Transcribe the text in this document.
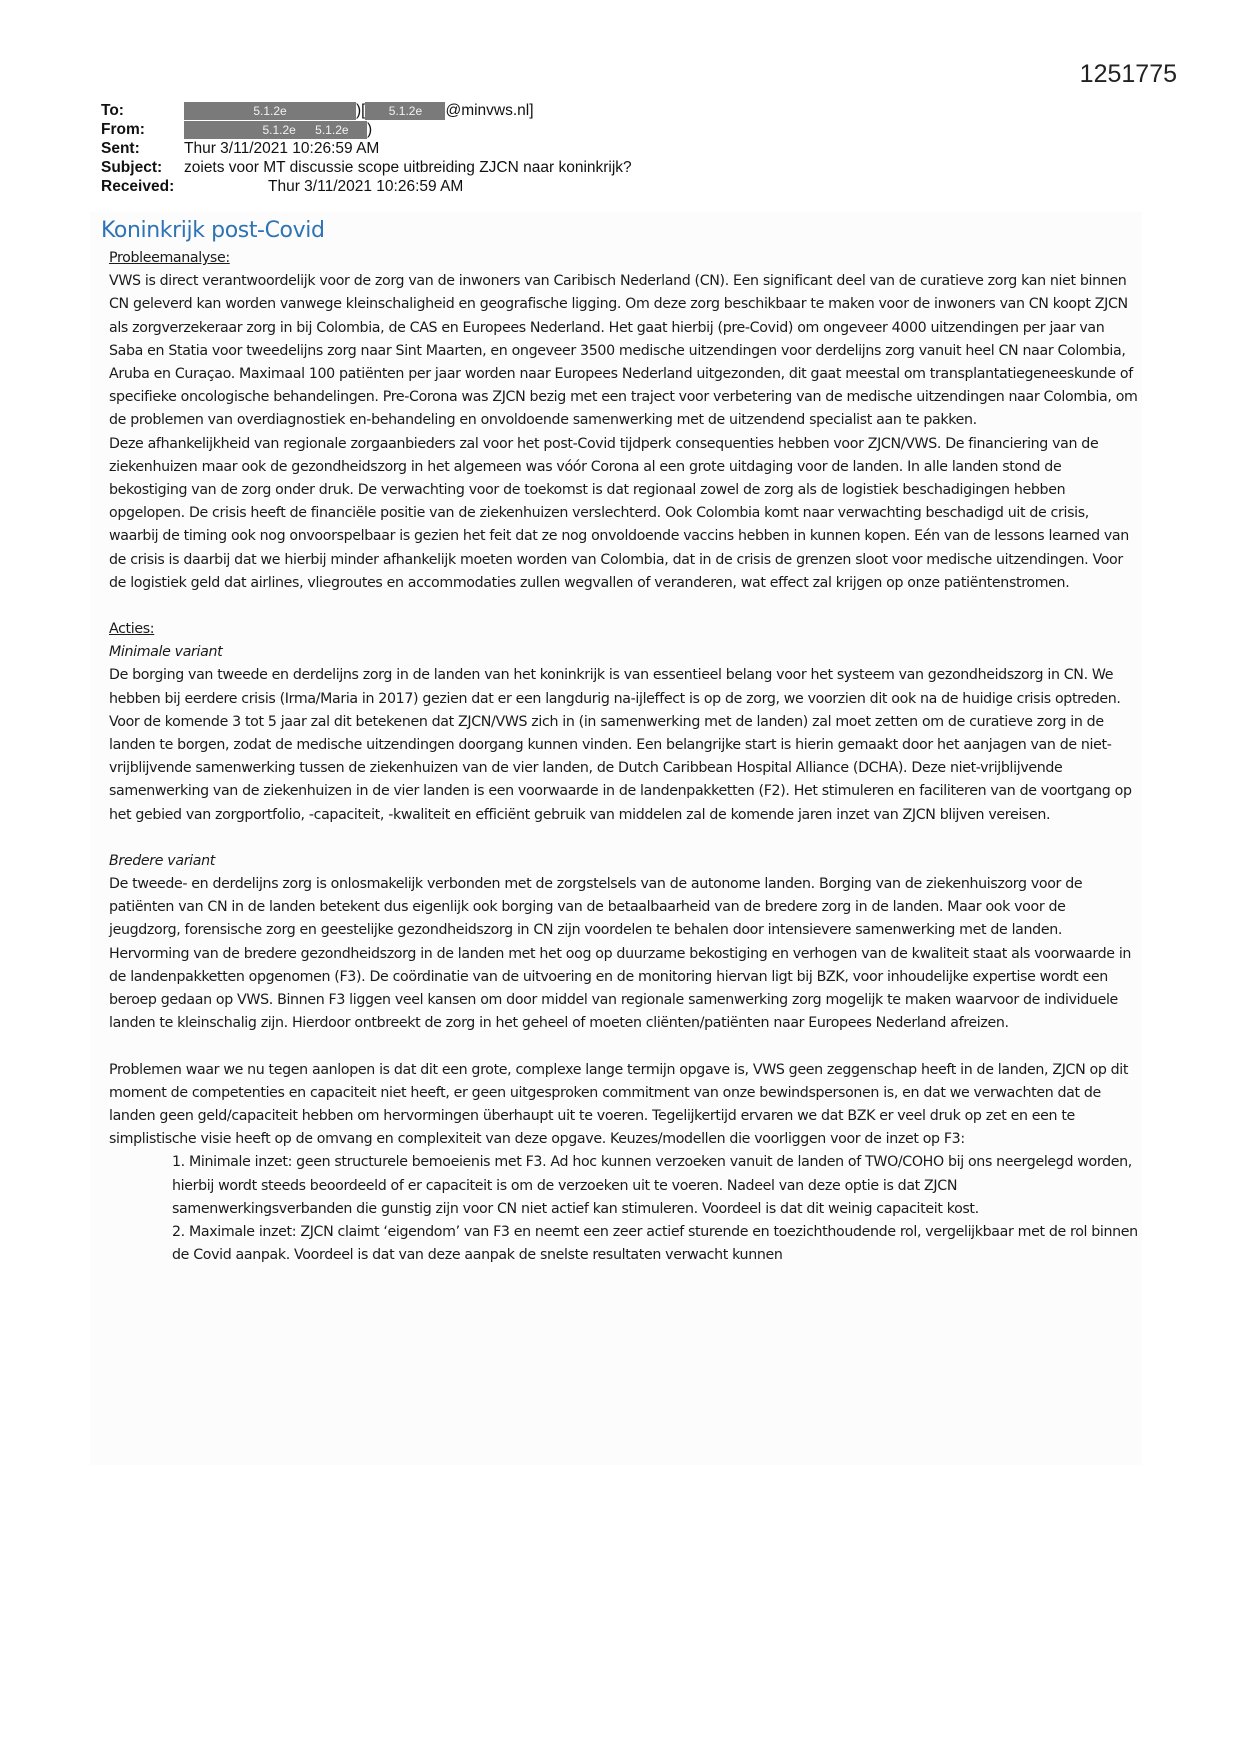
1251775
To:	5.1.2e	)[	5.1.2e	@minvws.nl]
From:	5.1.2e 5.1.2e	)
Sent:	Thur 3/11/2021 10:26:59 AM
Subject:	zoiets voor MT discussie scope uitbreiding ZJCN naar koninkrijk?
Received:	Thur 3/11/2021 10:26:59 AM
Koninkrijk post-Covid

Probleemanalyse:

VWS is direct verantwoordelijk voor de zorg van de inwoners van Caribisch Nederland (CN). Een significant deel van de curatieve zorg kan niet binnen CN geleverd kan worden vanwege kleinschaligheid en geografische ligging. Om deze zorg beschikbaar te maken voor de inwoners van CN koopt ZJCN als zorgverzekeraar zorg in bij Colombia, de CAS en Europees Nederland. Het gaat hierbij (pre-Covid) om ongeveer 4000 uitzendingen per jaar van Saba en Statia voor tweedelijns zorg naar Sint Maarten, en ongeveer 3500 medische uitzendingen voor derdelijns zorg vanuit heel CN naar Colombia, Aruba en Curaçao. Maximaal 100 patiënten per jaar worden naar Europees Nederland uitgezonden, dit gaat meestal om transplantatiegeneeskunde of specifieke oncologische behandelingen. Pre-Corona was ZJCN bezig met een traject voor verbetering van de medische uitzendingen naar Colombia, om de problemen van overdiagnostiek en-behandeling en onvoldoende samenwerking met de uitzendend specialist aan te pakken.

Deze afhankelijkheid van regionale zorgaanbieders zal voor het post-Covid tijdperk consequenties hebben voor ZJCN/VWS. De financiering van de ziekenhuizen maar ook de gezondheidszorg in het algemeen was vóór Corona al een grote uitdaging voor de landen. In alle landen stond de bekostiging van de zorg onder druk. De verwachting voor de toekomst is dat regionaal zowel de zorg als de logistiek beschadigingen hebben opgelopen. De crisis heeft de financiële positie van de ziekenhuizen verslechterd. Ook Colombia komt naar verwachting beschadigd uit de crisis, waarbij de timing ook nog onvoorspelbaar is gezien het feit dat ze nog onvoldoende vaccins hebben in kunnen kopen. Eén van de lessons learned van de crisis is daarbij dat we hierbij minder afhankelijk moeten worden van Colombia, dat in de crisis de grenzen sloot voor medische uitzendingen. Voor de logistiek geld dat airlines, vliegroutes en accommodaties zullen wegvallen of veranderen, wat effect zal krijgen op onze patiëntenstromen.

Acties:

Minimale variant

De borging van tweede en derdelijns zorg in de landen van het koninkrijk is van essentieel belang voor het systeem van gezondheidszorg in CN. We hebben bij eerdere crisis (Irma/Maria in 2017) gezien dat er een langdurig na-ijleffect is op de zorg, we voorzien dit ook na de huidige crisis optreden. Voor de komende 3 tot 5 jaar zal dit betekenen dat ZJCN/VWS zich in (in samenwerking met de landen) zal moet zetten om de curatieve zorg in de landen te borgen, zodat de medische uitzendingen doorgang kunnen vinden. Een belangrijke start is hierin gemaakt door het aanjagen van de niet-vrijblijvende samenwerking tussen de ziekenhuizen van de vier landen, de Dutch Caribbean Hospital Alliance (DCHA). Deze niet-vrijblijvende samenwerking van de ziekenhuizen in de vier landen is een voorwaarde in de landenpakketten (F2). Het stimuleren en faciliteren van de voortgang op het gebied van zorgportfolio, -capaciteit, -kwaliteit en efficiënt gebruik van middelen zal de komende jaren inzet van ZJCN blijven vereisen.

Bredere variant

De tweede- en derdelijns zorg is onlosmakelijk verbonden met de zorgstelsels van de autonome landen. Borging van de ziekenhuiszorg voor de patiënten van CN in de landen betekent dus eigenlijk ook borging van de betaalbaarheid van de bredere zorg in de landen. Maar ook voor de jeugdzorg, forensische zorg en geestelijke gezondheidszorg in CN zijn voordelen te behalen door intensievere samenwerking met de landen. Hervorming van de bredere gezondheidszorg in de landen met het oog op duurzame bekostiging en verhogen van de kwaliteit staat als voorwaarde in de landenpakketten opgenomen (F3). De coördinatie van de uitvoering en de monitoring hiervan ligt bij BZK, voor inhoudelijke expertise wordt een beroep gedaan op VWS. Binnen F3 liggen veel kansen om door middel van regionale samenwerking zorg mogelijk te maken waarvoor de individuele landen te kleinschalig zijn. Hierdoor ontbreekt de zorg in het geheel of moeten cliënten/patiënten naar Europees Nederland afreizen.

Problemen waar we nu tegen aanlopen is dat dit een grote, complexe lange termijn opgave is, VWS geen zeggenschap heeft in de landen, ZJCN op dit moment de competenties en capaciteit niet heeft, er geen uitgesproken commitment van onze bewindspersonen is, en dat we verwachten dat de landen geen geld/capaciteit hebben om hervormingen überhaupt uit te voeren. Tegelijkertijd ervaren we dat BZK er veel druk op zet en een te simplistische visie heeft op de omvang en complexiteit van deze opgave. Keuzes/modellen die voorliggen voor de inzet op F3:

1. Minimale inzet: geen structurele bemoeienis met F3. Ad hoc kunnen verzoeken vanuit de landen of TWO/COHO bij ons neergelegd worden, hierbij wordt steeds beoordeeld of er capaciteit is om de verzoeken uit te voeren. Nadeel van deze optie is dat ZJCN samenwerkingsverbanden die gunstig zijn voor CN niet actief kan stimuleren. Voordeel is dat dit weinig capaciteit kost.

2. Maximale inzet: ZJCN claimt ‘eigendom’ van F3 en neemt een zeer actief sturende en toezichthoudende rol, vergelijkbaar met de rol binnen de Covid aanpak. Voordeel is dat van deze aanpak de snelste resultaten verwacht kunnen
